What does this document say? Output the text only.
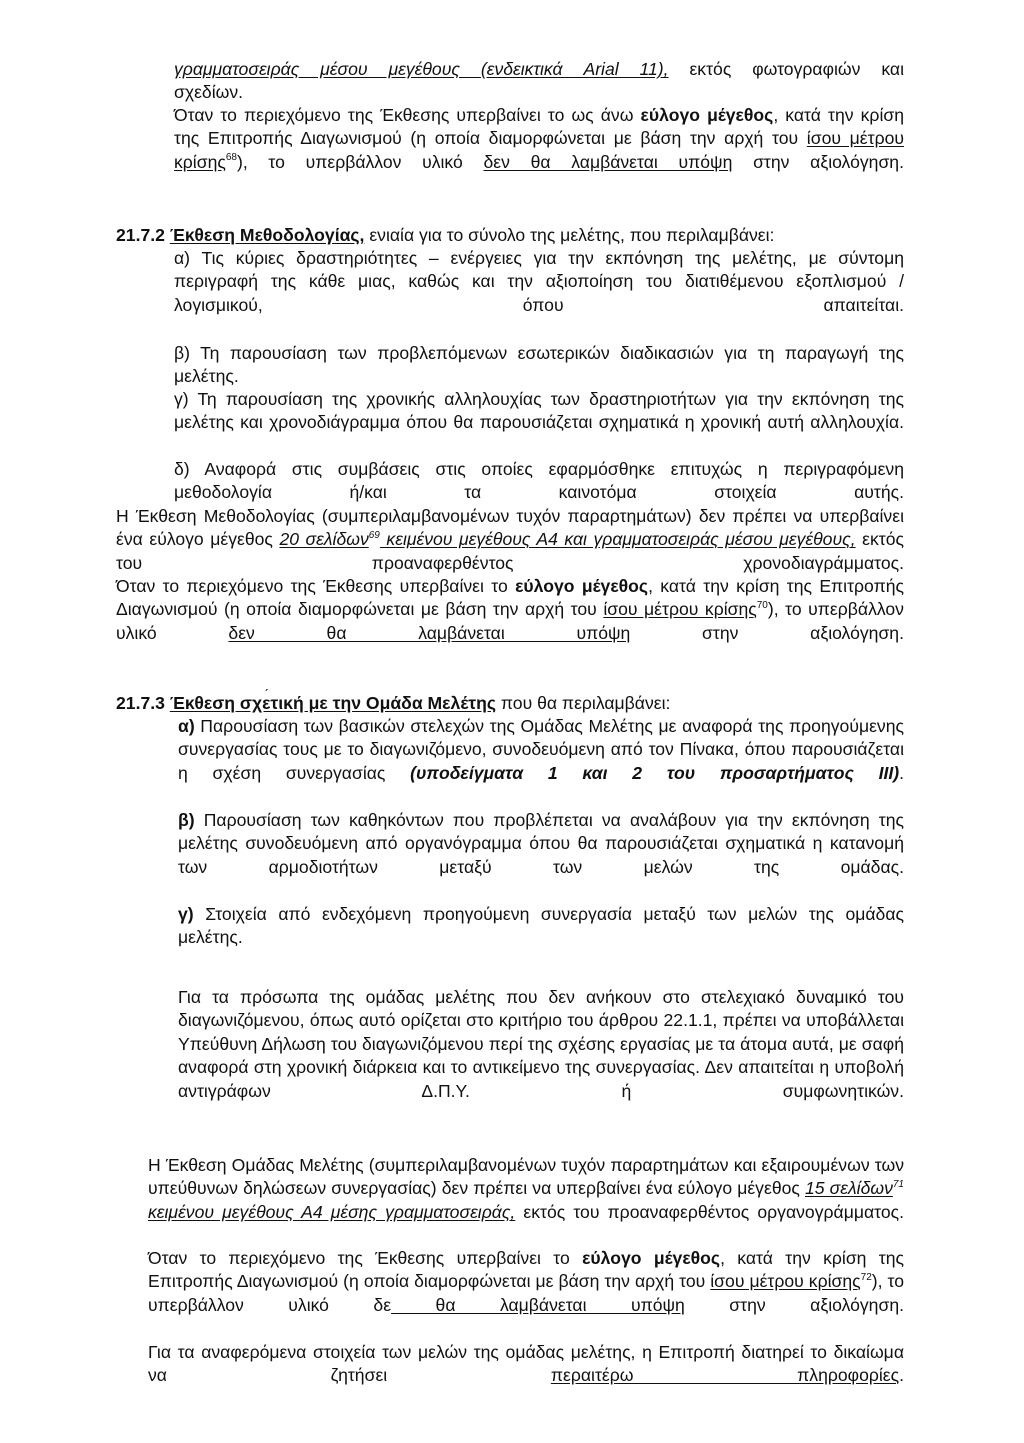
γραμματοσειράς μέσου μεγέθους (ενδεικτικά Arial 11), εκτός φωτογραφιών και

σχεδίων.

Όταν το περιεχόμενο της Έκθεσης υπερβαίνει το ως άνω εύλογο μέγεθος, κατά την κρίση της Επιτροπής Διαγωνισμού (η οποία διαμορφώνεται με βάση την αρχή του ίσου μέτρου κρίσης$^{68}$), το υπερβάλλον υλικό δεν θα λαμβάνεται υπόψη στην αξιολόγηση.

21.7.2 Έκθεση Μεθοδολογίας, ενιαία για το σύνολο της μελέτης, που περιλαμβάνει:

α) Τις κύριες δραστηριότητες – ενέργειες για την εκπόνηση της μελέτης, με σύντομη περιγραφή της κάθε μιας, καθώς και την αξιοποίηση του διατιθέμενου εξοπλισμού / λογισμικού, όπου απαιτείται.

β) Τη παρουσίαση των προβλεπόμενων εσωτερικών διαδικασιών για τη παραγωγή της μελέτης.

γ) Τη παρουσίαση της χρονικής αλληλουχίας των δραστηριοτήτων για την εκπόνηση της μελέτης και χρονοδιάγραμμα όπου θα παρουσιάζεται σχηματικά η χρονική αυτή αλληλουχία.

δ) Αναφορά στις συμβάσεις στις οποίες εφαρμόσθηκε επιτυχώς η περιγραφόμενη μεθοδολογία ή/και τα καινοτόμα στοιχεία αυτής.

Η Έκθεση Μεθοδολογίας (συμπεριλαμβανομένων τυχόν παραρτημάτων) δεν πρέπει να υπερβαίνει ένα εύλογο μέγεθος 20 σελίδων$^{69}$ κειμένου μεγέθους Α4 και γραμματοσειράς μέσου μεγέθους, εκτός του προαναφερθέντος χρονοδιαγράμματος.

Όταν το περιεχόμενο της Έκθεσης υπερβαίνει το εύλογο μέγεθος, κατά την κρίση της Επιτροπής Διαγωνισμού (η οποία διαμορφώνεται με βάση την αρχή του ίσου μέτρου κρίσης$^{70}$), το υπερβάλλον υλικό δεν θα λαμβάνεται υπόψη στην αξιολόγηση.

ˏ
21.7.3 Έκθεση σχετική με την Ομάδα Μελέτης που θα περιλαμβάνει:

α) Παρουσίαση των βασικών στελεχών της Ομάδας Μελέτης με αναφορά της προηγούμενης συνεργασίας τους με το διαγωνιζόμενο, συνοδευόμενη από τον Πίνακα, όπου παρουσιάζεται η σχέση συνεργασίας (υποδείγματα 1 και 2 του προσαρτήματος ΙΙΙ).

β) Παρουσίαση των καθηκόντων που προβλέπεται να αναλάβουν για την εκπόνηση της μελέτης συνοδευόμενη από οργανόγραμμα όπου θα παρουσιάζεται σχηματικά η κατανομή των αρμοδιοτήτων μεταξύ των μελών της ομάδας.

γ) Στοιχεία από ενδεχόμενη προηγούμενη συνεργασία μεταξύ των μελών της ομάδας μελέτης.

Για τα πρόσωπα της ομάδας μελέτης που δεν ανήκουν στο στελεχιακό δυναμικό του διαγωνιζόμενου, όπως αυτό ορίζεται στο κριτήριο του άρθρου 22.1.1, πρέπει να υποβάλλεται Υπεύθυνη Δήλωση του διαγωνιζόμενου περί της σχέσης εργασίας με τα άτομα αυτά, με σαφή αναφορά στη χρονική διάρκεια και το αντικείμενο της συνεργασίας. Δεν απαιτείται η υποβολή αντιγράφων Δ.Π.Υ. ή συμφωνητικών.

Η Έκθεση Ομάδας Μελέτης (συμπεριλαμβανομένων τυχόν παραρτημάτων και εξαιρουμένων των υπεύθυνων δηλώσεων συνεργασίας) δεν πρέπει να υπερβαίνει ένα εύλογο μέγεθος 15 σελίδων$^{71}$ κειμένου μεγέθους Α4 μέσης γραμματοσειράς, εκτός του προαναφερθέντος οργανογράμματος.

Όταν το περιεχόμενο της Έκθεσης υπερβαίνει το εύλογο μέγεθος, κατά την κρίση της Επιτροπής Διαγωνισμού (η οποία διαμορφώνεται με βάση την αρχή του ίσου μέτρου κρίσης$^{72}$), το υπερβάλλον υλικό δε θα λαμβάνεται υπόψη στην αξιολόγηση.

Για τα αναφερόμενα στοιχεία των μελών της ομάδας μελέτης, η Επιτροπή διατηρεί το δικαίωμα να ζητήσει περαιτέρω πληροφορίες.
